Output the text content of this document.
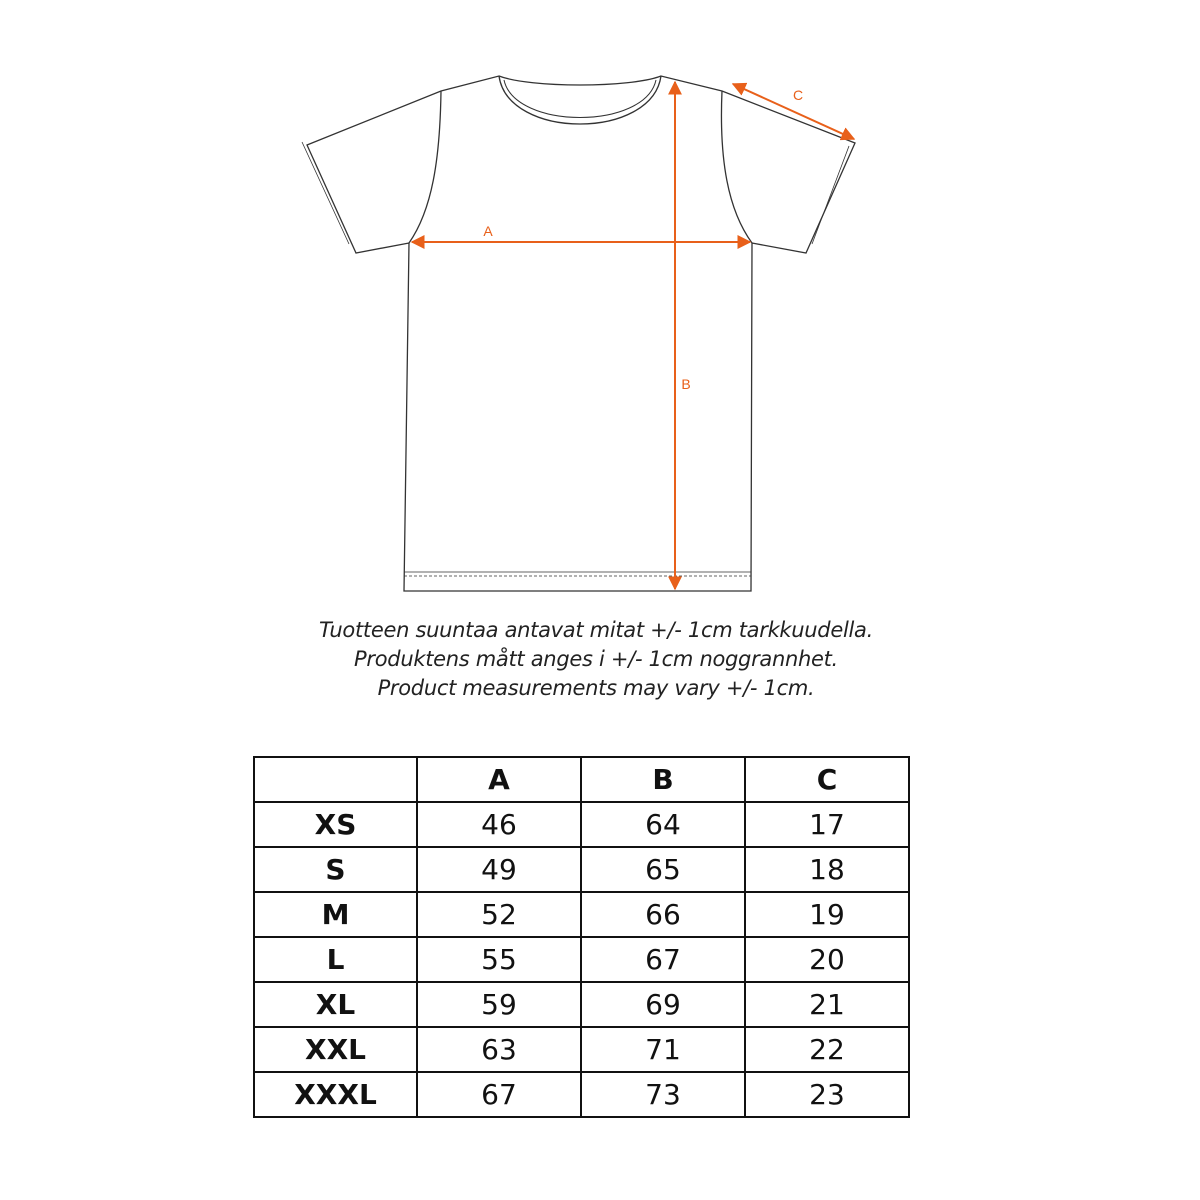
A
B
C
Tuotteen suuntaa antavat mitat +/- 1cm tarkkuudella.
Produktens mått anges i +/- 1cm noggrannhet.
Product measurements may vary +/- 1cm.
	A	B	C
XS	46	64	17
S	49	65	18
M	52	66	19
L	55	67	20
XL	59	69	21
XXL	63	71	22
XXXL	67	73	23
